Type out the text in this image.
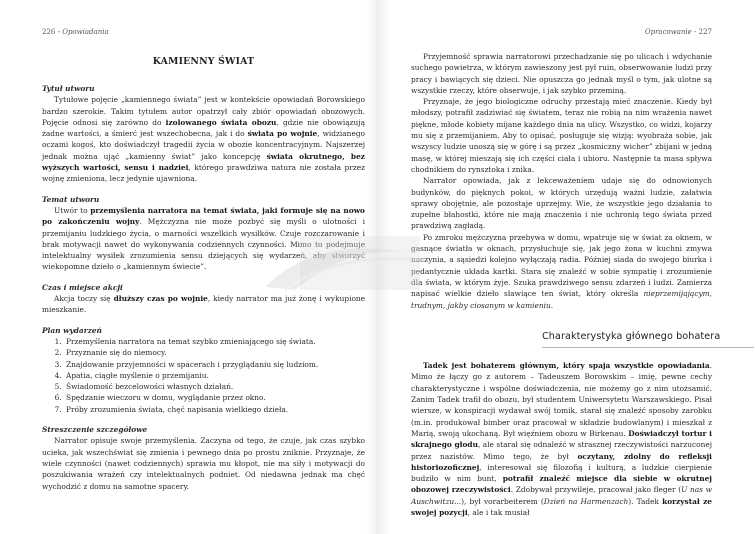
226 - Opowiadania
KAMIENNY ŚWIAT
Tytuł utworu

Tytułowe pojęcie „kamiennego świata” jest w kontekście opowiadań Borowskiego bardzo szerokie. Takim tytułem autor opatrzył cały zbiór opowiadań obozowych. Pojęcie odnosi się zarówno do izolowanego świata obozu, gdzie nie obowiązują żadne wartości, a śmierć jest wszechobecna, jak i do świata po wojnie, widzianego oczami kogoś, kto doświadczył tragedii życia w obozie koncentracyjnym. Najszerzej jednak można ująć „kamienny świat” jako koncepcję świata okrutnego, bez wyższych wartości, sensu i nadziei, którego prawdziwa natura nie została przez wojnę zmieniona, lecz jedynie ujawniona.

Temat utworu

Utwór to przemyślenia narratora na temat świata, jaki formuje się na nowo po zakończeniu wojny. Mężczyzna nie może pozbyć się myśli o ulotności i przemijaniu ludzkiego życia, o marności wszelkich wysiłków. Czuje rozczarowanie i brak motywacji nawet do wykonywania codziennych czynności. Mimo to podejmuje intelektualny wysiłek zrozumienia sensu dziejących się wydarzeń, aby stworzyć wiekopomne dzieło o „kamiennym świecie”.

Czas i miejsce akcji

Akcja toczy się dłuższy czas po wojnie, kiedy narrator ma już żonę i wykupione mieszkanie.

Plan wydarzeń
1. Przemyślenia narratora na temat szybko zmieniającego się świata.
2. Przyznanie się do niemocy.
3. Znajdowanie przyjemności w spacerach i przyglądaniu się ludziom.
4. Apatia, ciągłe myślenie o przemijaniu.
5. Świadomość bezcelowości własnych działań.
6. Spędzanie wieczoru w domu, wyglądanie przez okno.
7. Próby zrozumienia świata, chęć napisania wielkiego dzieła.
Streszczenie szczegółowe

Narrator opisuje swoje przemyślenia. Zaczyna od tego, że czuje, jak czas szybko ucieka, jak wszechświat się zmienia i pewnego dnia po prostu zniknie. Przyznaje, że wiele czynności (nawet codziennych) sprawia mu kłopot, nie ma siły i motywacji do poszukiwania wrażeń czy intelektualnych podniet. Od niedawna jednak ma chęć wychodzić z domu na samotne spacery.

Opracowanie - 227

Przyjemność sprawia narratorowi przechadzanie się po ulicach i wdychanie suchego powietrza, w którym zawieszony jest pył ruin, obserwowanie ludzi przy pracy i bawiących się dzieci. Nie opuszcza go jednak myśl o tym, jak ulotne są wszystkie rzeczy, które obserwuje, i jak szybko przeminą.

Przyznaje, że jego biologiczne odruchy przestają mieć znaczenie. Kiedy był młodszy, potrafił zadziwiać się światem, teraz nie robią na nim wrażenia nawet piękne, młode kobiety mijane każdego dnia na ulicy. Wszystko, co widzi, kojarzy mu się z przemijaniem. Aby to opisać, posługuje się wizją: wyobraża sobie, jak wszyscy ludzie unoszą się w górę i są przez „kosmiczny wicher” zbijani w jedną masę, w której mieszają się ich części ciała i ubioru. Następnie ta masa spływa chodnikiem do rynsztoka i znika.

Narrator opowiada, jak z lekceważeniem udaje się do odnowionych budynków, do pięknych pokoi, w których urzędują ważni ludzie, załatwia sprawy obojętnie, ale pozostaje uprzejmy. Wie, że wszystkie jego działania to zupełne błahostki, które nie mają znaczenia i nie uchronią tego świata przed prawdziwą zagładą.

Po zmroku mężczyzna przebywa w domu, wpatruje się w świat za oknem, w gasnące światła w oknach, przysłuchuje się, jak jego żona w kuchni zmywa naczynia, a sąsiedzi kolejno wyłączają radia. Później siada do swojego biurka i pedantycznie układa kartki. Stara się znaleźć w sobie sympatię i zrozumienie dla świata, w którym żyje. Szuka prawdziwego sensu zdarzeń i ludzi. Zamierza napisać wielkie dzieło sławiące ten świat, który określa nieprzemijającym, trudnym, jakby ciosanym w kamieniu.

Charakterystyka głównego bohatera

Tadek jest bohaterem głównym, który spaja wszystkie opowiadania. Mimo że łączy go z autorem – Tadeuszem Borowskim – imię, pewne cechy charakterystyczne i wspólne doświadczenia, nie możemy go z nim utożsamić. Zanim Tadek trafił do obozu, był studentem Uniwersytetu Warszawskiego. Pisał wiersze, w konspiracji wydawał swój tomik, starał się znaleźć sposoby zarobku (m.in. produkował bimber oraz pracował w składzie budowlanym) i mieszkał z Marią, swoją ukochaną. Był więźniem obozu w Birkenau. Doświadczył tortur i skrajnego głodu, ale starał się odnaleźć w strasznej rzeczywistości narzuconej przez nazistów. Mimo tego, że był oczytany, zdolny do refleksji historiozoficznej, interesował się filozofią i kulturą, a ludzkie cierpienie budziło w nim bunt, potrafił znaleźć miejsce dla siebie w okrutnej obozowej rzeczywistości. Zdobywał przywileje, pracował jako fleger (U nas w Auschwitzu...), był vorarbeiterem (Dzień na Harmenzach). Tadek korzystał ze swojej pozycji, ale i tak musiał
